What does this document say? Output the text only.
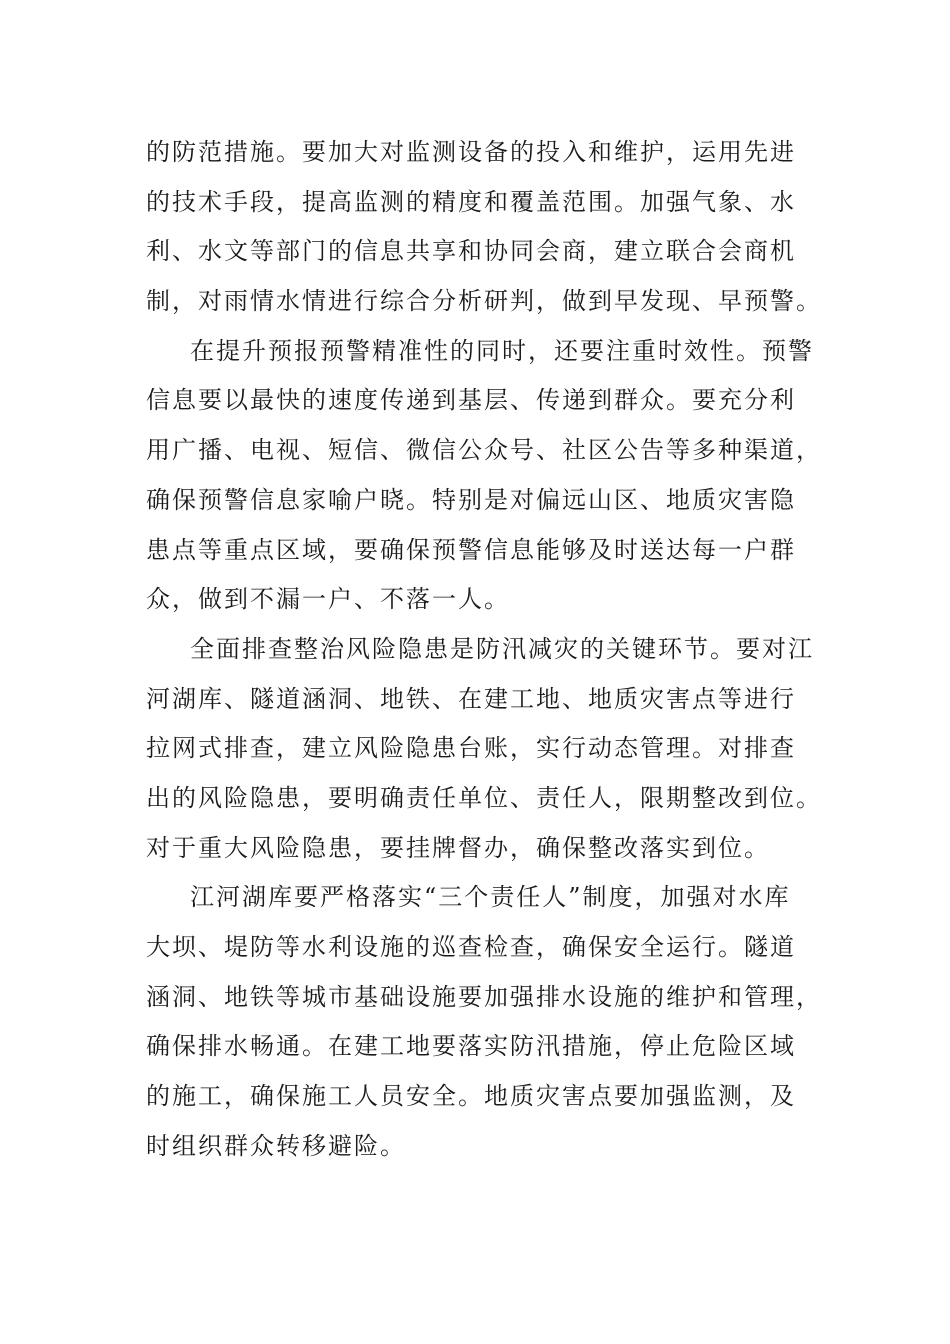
的防范措施。要加大对监测设备的投入和维护，运用先进
的技术手段，提高监测的精度和覆盖范围。加强气象、水
利、水文等部门的信息共享和协同会商，建立联合会商机
制，对雨情水情进行综合分析研判，做到早发现、早预警。
在提升预报预警精准性的同时，还要注重时效性。预警
信息要以最快的速度传递到基层、传递到群众。要充分利
用广播、电视、短信、微信公众号、社区公告等多种渠道，
确保预警信息家喻户晓。特别是对偏远山区、地质灾害隐
患点等重点区域，要确保预警信息能够及时送达每一户群
众，做到不漏一户、不落一人。
全面排查整治风险隐患是防汛减灾的关键环节。要对江
河湖库、隧道涵洞、地铁、在建工地、地质灾害点等进行
拉网式排查，建立风险隐患台账，实行动态管理。对排查
出的风险隐患，要明确责任单位、责任人，限期整改到位。
对于重大风险隐患，要挂牌督办，确保整改落实到位。
江河湖库要严格落实“三个责任人”制度，加强对水库
大坝、堤防等水利设施的巡查检查，确保安全运行。隧道
涵洞、地铁等城市基础设施要加强排水设施的维护和管理，
确保排水畅通。在建工地要落实防汛措施，停止危险区域
的施工，确保施工人员安全。地质灾害点要加强监测，及
时组织群众转移避险。
